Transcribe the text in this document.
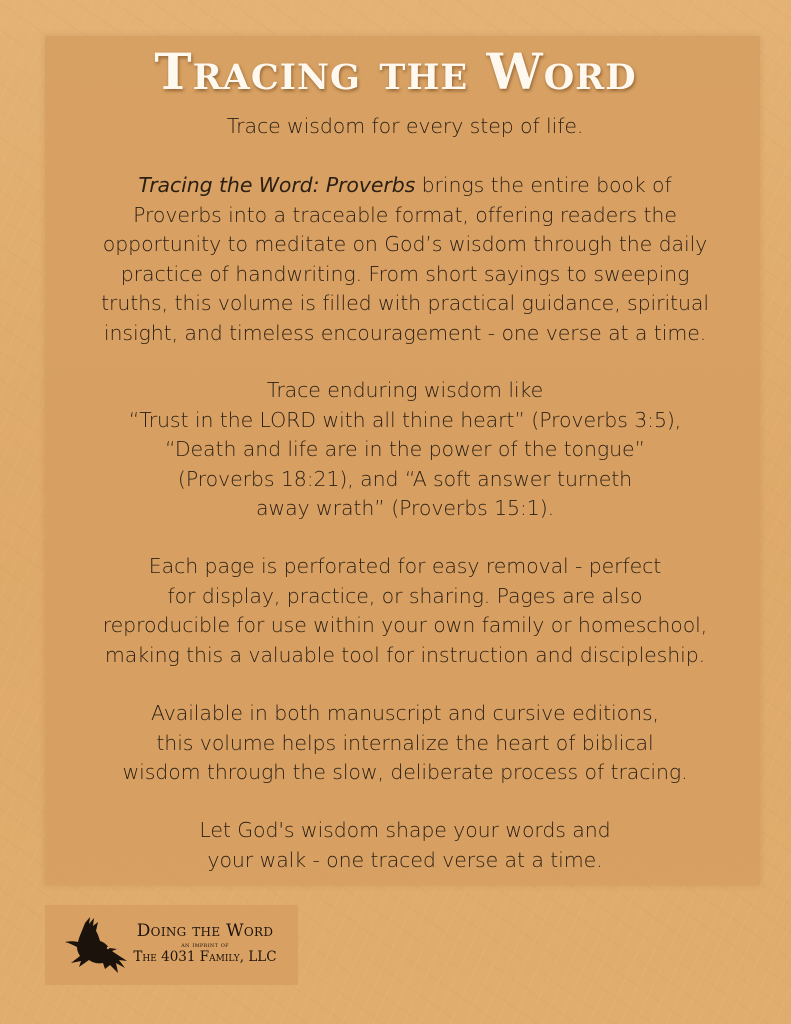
Tracing the Word

Trace wisdom for every step of life.

Tracing the Word: Proverbs brings the entire book of
Proverbs into a traceable format, offering readers the
opportunity to meditate on God’s wisdom through the daily
practice of handwriting. From short sayings to sweeping
truths, this volume is filled with practical guidance, spiritual
insight, and timeless encouragement - one verse at a time.

Trace enduring wisdom like
“Trust in the LORD with all thine heart” (Proverbs 3:5),
“Death and life are in the power of the tongue”
(Proverbs 18:21), and “A soft answer turneth
away wrath” (Proverbs 15:1).

Each page is perforated for easy removal - perfect
for display, practice, or sharing. Pages are also
reproducible for use within your own family or homeschool,
making this a valuable tool for instruction and discipleship.

Available in both manuscript and cursive editions,
this volume helps internalize the heart of biblical
wisdom through the slow, deliberate process of tracing.

Let God's wisdom shape your words and
your walk - one traced verse at a time.

Doing the Word
an imprint of
The 4031 Family, LLC
